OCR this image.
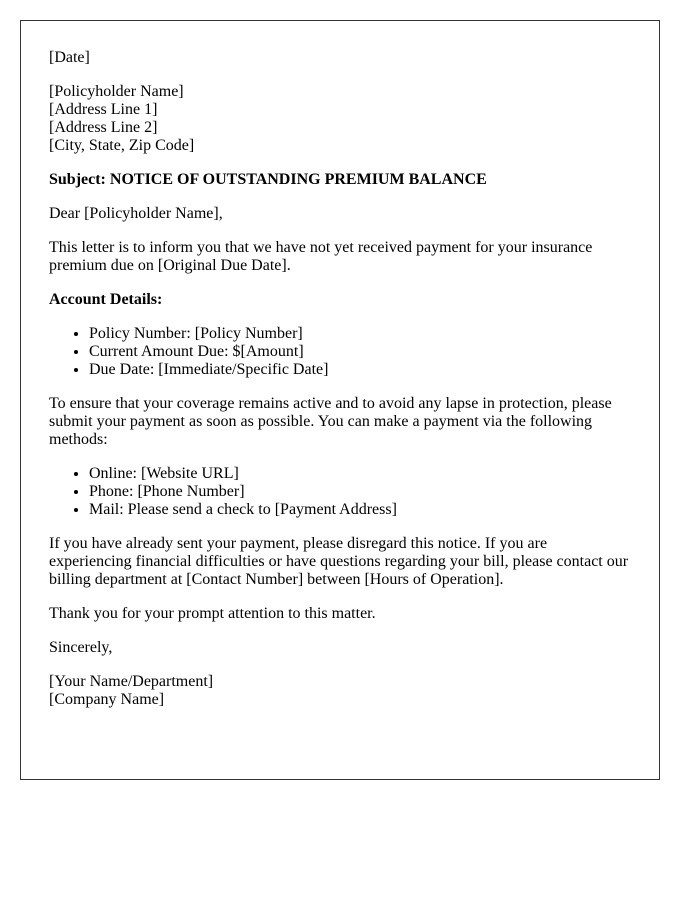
[Date]
[Policyholder Name]
[Address Line 1]
[Address Line 2]
[City, State, Zip Code]
Subject: NOTICE OF OUTSTANDING PREMIUM BALANCE
Dear [Policyholder Name],
This letter is to inform you that we have not yet received payment for your insurance premium due on [Original Due Date].
Account Details:
• Policy Number: [Policy Number]
• Current Amount Due: $[Amount]
• Due Date: [Immediate/Specific Date]
To ensure that your coverage remains active and to avoid any lapse in protection, please submit your payment as soon as possible. You can make a payment via the following methods:
• Online: [Website URL]
• Phone: [Phone Number]
• Mail: Please send a check to [Payment Address]
If you have already sent your payment, please disregard this notice. If you are experiencing financial difficulties or have questions regarding your bill, please contact our billing department at [Contact Number] between [Hours of Operation].
Thank you for your prompt attention to this matter.
Sincerely,
[Your Name/Department]
[Company Name]
